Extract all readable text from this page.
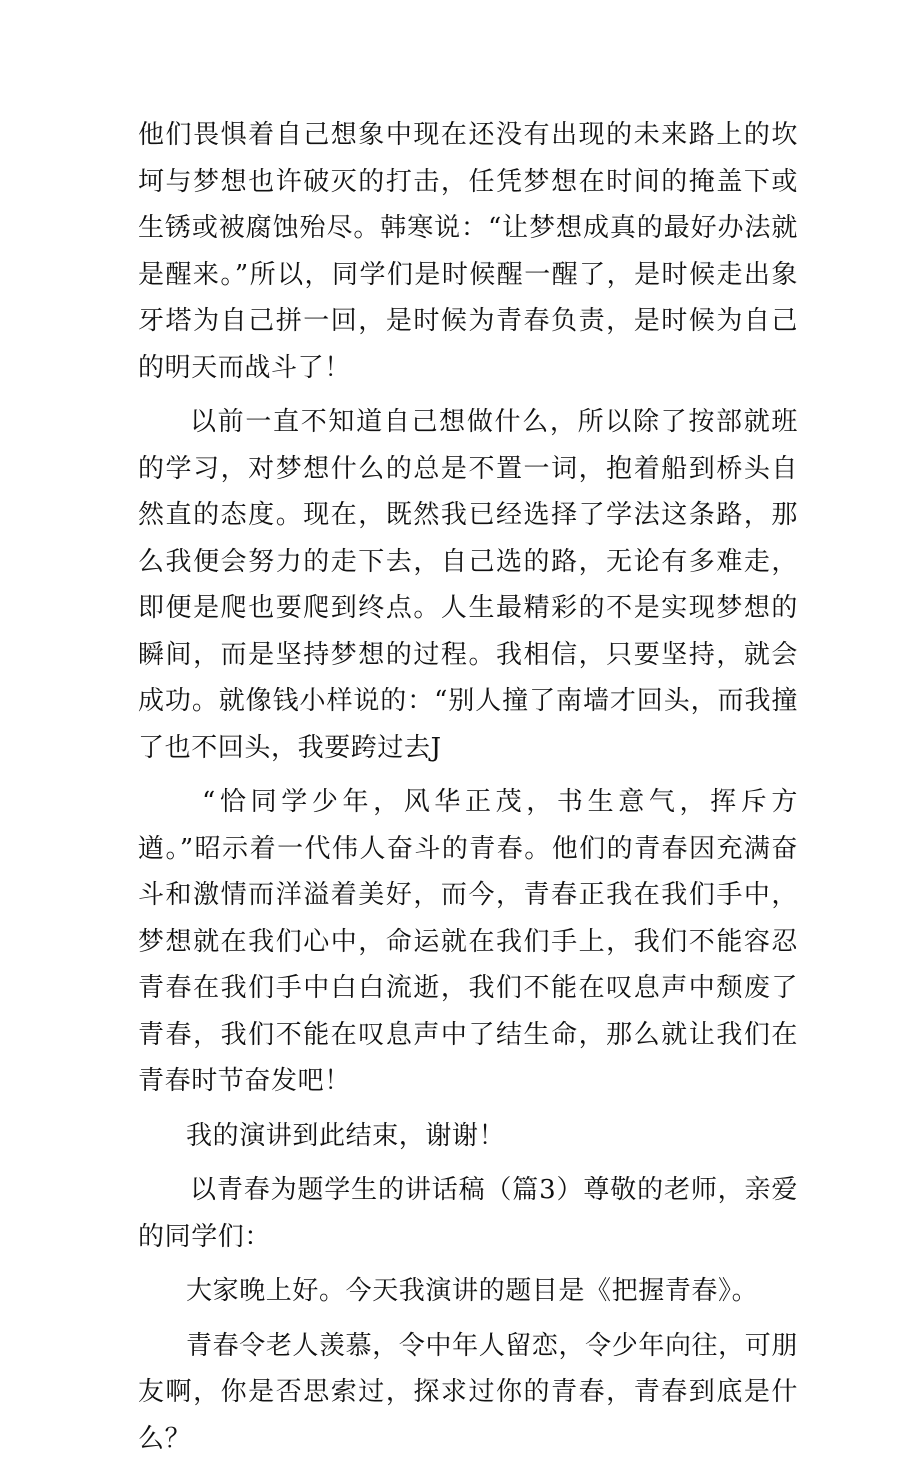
他们畏惧着自己想象中现在还没有出现的未来路上的坎坷与梦想也许破灭的打击，任凭梦想在时间的掩盖下或生锈或被腐蚀殆尽。韩寒说：“让梦想成真的最好办法就是醒来。”所以，同学们是时候醒一醒了，是时候走出象牙塔为自己拼一回，是时候为青春负责，是时候为自己的明天而战斗了！

以前一直不知道自己想做什么，所以除了按部就班的学习，对梦想什么的总是不置一词，抱着船到桥头自然直的态度。现在，既然我已经选择了学法这条路，那么我便会努力的走下去，自己选的路，无论有多难走，即便是爬也要爬到终点。人生最精彩的不是实现梦想的瞬间，而是坚持梦想的过程。我相信，只要坚持，就会成功。就像钱小样说的：“别人撞了南墙才回头，而我撞了也不回头，我要跨过去J

“恰同学少年，风华正茂，书生意气，挥斥方遒。”昭示着一代伟人奋斗的青春。他们的青春因充满奋斗和激情而洋溢着美好，而今，青春正我在我们手中，梦想就在我们心中，命运就在我们手上，我们不能容忍青春在我们手中白白流逝，我们不能在叹息声中颓废了青春，我们不能在叹息声中了结生命，那么就让我们在青春时节奋发吧！

我的演讲到此结束，谢谢！

以青春为题学生的讲话稿（篇3）尊敬的老师，亲爱的同学们：

大家晚上好。今天我演讲的题目是《把握青春》。

青春令老人羡慕，令中年人留恋，令少年向往，可朋友啊，你是否思索过，探求过你的青春，青春到底是什么？
